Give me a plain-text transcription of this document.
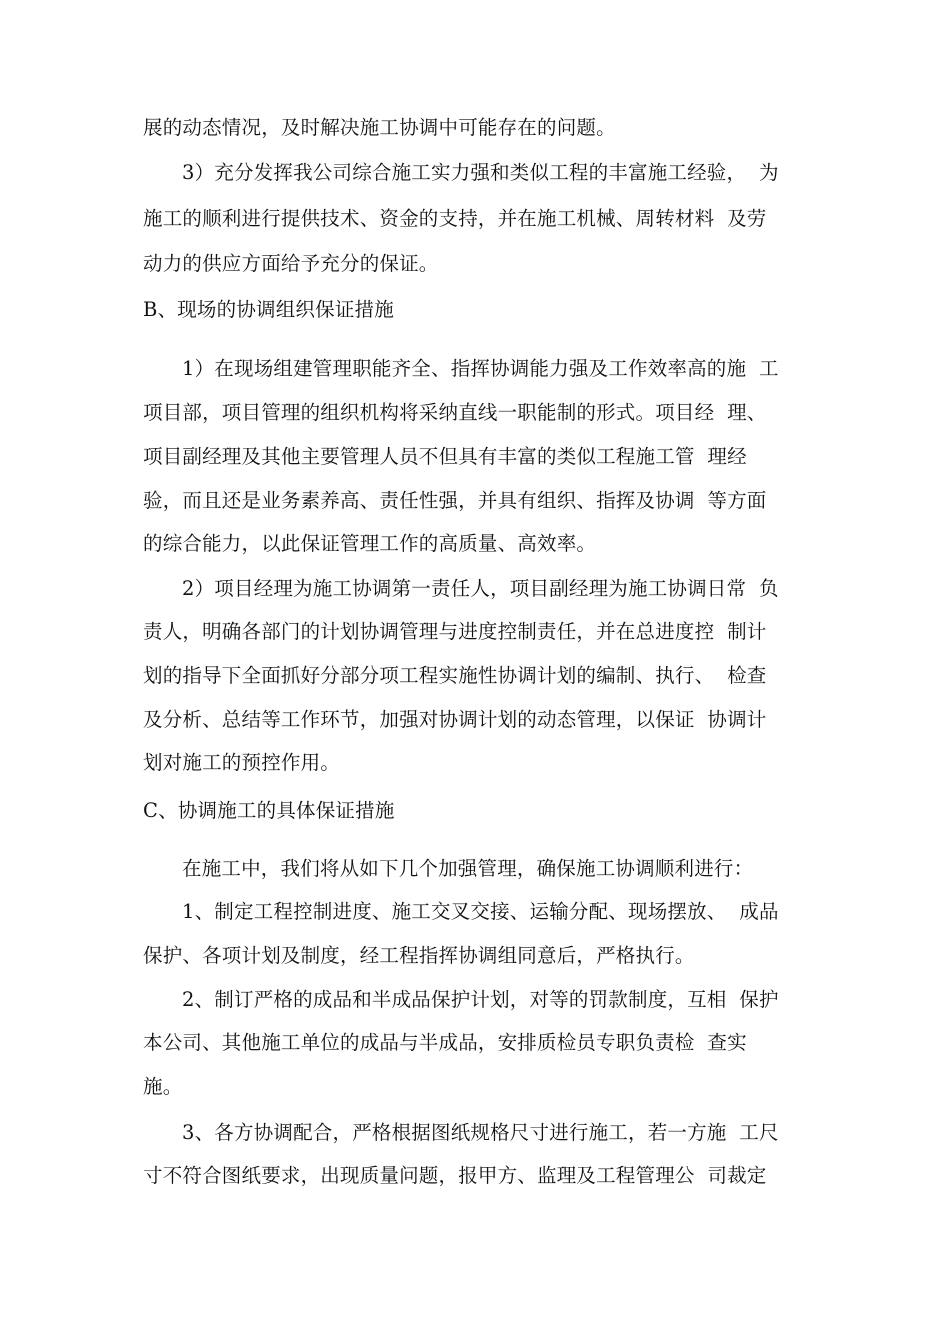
展的动态情况，及时解决施工协调中可能存在的问题。
3）充分发挥我公司综合施工实力强和类似工程的丰富施工经验，  为
施工的顺利进行提供技术、资金的支持，并在施工机械、周转材料  及劳
动力的供应方面给予充分的保证。
B、现场的协调组织保证措施
1）在现场组建管理职能齐全、指挥协调能力强及工作效率高的施  工
项目部，项目管理的组织机构将采纳直线一职能制的形式。项目经  理、
项目副经理及其他主要管理人员不但具有丰富的类似工程施工管  理经
验，而且还是业务素养高、责任性强，并具有组织、指挥及协调  等方面
的综合能力，以此保证管理工作的高质量、高效率。
2）项目经理为施工协调第一责任人，项目副经理为施工协调日常  负
责人，明确各部门的计划协调管理与进度控制责任，并在总进度控  制计
划的指导下全面抓好分部分项工程实施性协调计划的编制、执行、  检查
及分析、总结等工作环节，加强对协调计划的动态管理，以保证  协调计
划对施工的预控作用。
C、协调施工的具体保证措施
在施工中，我们将从如下几个加强管理，确保施工协调顺利进行：
1、制定工程控制进度、施工交叉交接、运输分配、现场摆放、  成品
保护、各项计划及制度，经工程指挥协调组同意后，严格执行。
2、制订严格的成品和半成品保护计划，对等的罚款制度，互相  保护
本公司、其他施工单位的成品与半成品，安排质检员专职负责检  查实
施。
3、各方协调配合，严格根据图纸规格尺寸进行施工，若一方施  工尺
寸不符合图纸要求，出现质量问题，报甲方、监理及工程管理公  司裁定
